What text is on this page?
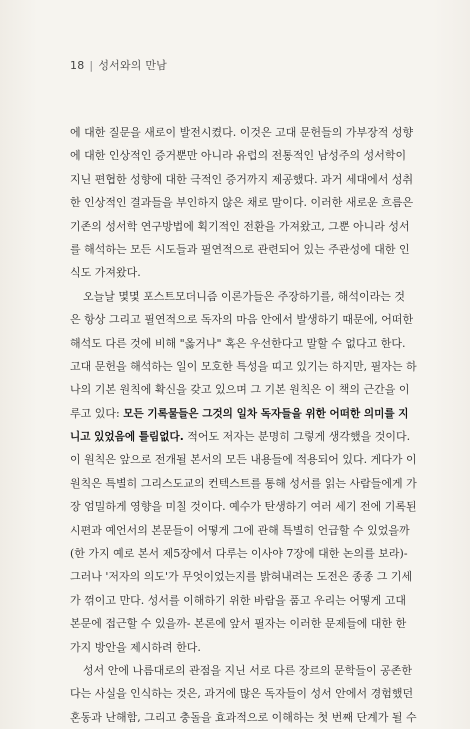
18 | 성서와의 만남

에 대한 질문을 새로이 발전시켰다. 이것은 고대 문헌들의 가부장적 성향
에 대한 인상적인 증거뿐만 아니라 유럽의 전통적인 남성주의 성서학이
지닌 편협한 성향에 대한 극적인 증거까지 제공했다. 과거 세대에서 성취
한 인상적인 결과들을 부인하지 않은 채로 말이다. 이러한 새로운 흐름은
기존의 성서학 연구방법에 획기적인 전환을 가져왔고, 그뿐 아니라 성서
를 해석하는 모든 시도들과 필연적으로 관련되어 있는 주관성에 대한 인
식도 가져왔다.

오늘날 몇몇 포스트모더니즘 이론가들은 주장하기를, 해석이라는 것
은 항상 그리고 필연적으로 독자의 마음 안에서 발생하기 때문에, 어떠한
해석도 다른 것에 비해 "옳거나" 혹은 우선한다고 말할 수 없다고 한다.
고대 문헌을 해석하는 일이 모호한 특성을 띠고 있기는 하지만, 필자는 하
나의 기본 원칙에 확신을 갖고 있으며 그 기본 원칙은 이 책의 근간을 이
루고 있다: 모든 기록물들은 그것의 일차 독자들을 위한 어떠한 의미를 지
니고 있었음에 틀림없다. 적어도 저자는 분명히 그렇게 생각했을 것이다.
이 원칙은 앞으로 전개될 본서의 모든 내용들에 적용되어 있다. 게다가 이
원칙은 특별히 그리스도교의 컨텍스트를 통해 성서를 읽는 사람들에게 가
장 엄밀하게 영향을 미칠 것이다. 예수가 탄생하기 여러 세기 전에 기록된
시편과 예언서의 본문들이 어떻게 그에 관해 특별히 언급할 수 있었을까
(한 가지 예로 본서 제5장에서 다루는 이사야 7장에 대한 논의를 보라)-
그러나 '저자의 의도'가 무엇이었는지를 밝혀내려는 도전은 종종 그 기세
가 꺾이고 만다. 성서를 이해하기 위한 바람을 품고 우리는 어떻게 고대
본문에 접근할 수 있을까- 본론에 앞서 필자는 이러한 문제들에 대한 한
가지 방안을 제시하려 한다.

성서 안에 나름대로의 관점을 지닌 서로 다른 장르의 문학들이 공존한
다는 사실을 인식하는 것은, 과거에 많은 독자들이 성서 안에서 경험했던
혼동과 난해함, 그리고 충돌을 효과적으로 이해하는 첫 번째 단계가 될 수
